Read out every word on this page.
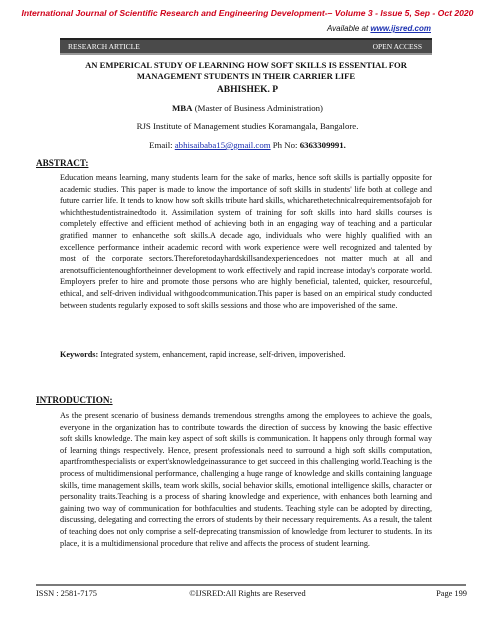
International Journal of Scientific Research and Engineering Development-– Volume 3 - Issue 5, Sep - Oct 2020
Available at www.ijsred.com
RESEARCH ARTICLE	OPEN ACCESS
AN EMPERICAL STUDY OF LEARNING HOW SOFT SKILLS IS ESSENTIAL FOR MANAGEMENT STUDENTS IN THEIR CARRIER LIFE
ABHISHEK. P
MBA (Master of Business Administration)
RJS Institute of Management studies Koramangala, Bangalore.
Email: abhisaibaba15@gmail.com Ph No: 6363309991.
ABSTRACT:
Education means learning, many students learn for the sake of marks, hence soft skills is partially opposite for academic studies. This paper is made to know the importance of soft skills in students' life both at college and future carrier life. It tends to know how soft skills tribute hard skills, whicharethetechnicalrequirementsofajob for whichthestudentistrainedtodo it. Assimilation system of training for soft skills into hard skills courses is completely effective and efficient method of achieving both in an engaging way of teaching and a particular gratified manner to enhancethe soft skills.A decade ago, individuals who were highly qualified with an excellence performance intheir academic record with work experience were well recognized and talented by most of the corporate sectors.Thereforetodayhardskillsandexperiencedoes not matter much at all and arenotsufficientenoughfortheinner development to work effectively and rapid increase intoday's corporate world. Employers prefer to hire and promote those persons who are highly beneficial, talented, quicker, resourceful, ethical, and self-driven individual withgoodcommunication.This paper is based on an empirical study conducted between students regularly exposed to soft skills sessions and those who are impoverished of the same.
Keywords: Integrated system, enhancement, rapid increase, self-driven, impoverished.
INTRODUCTION:
As the present scenario of business demands tremendous strengths among the employees to achieve the goals, everyone in the organization has to contribute towards the direction of success by knowing the basic effective soft skills knowledge. The main key aspect of soft skills is communication. It happens only through formal way of learning things respectively. Hence, present professionals need to surround a high soft skills computation, apartfromthespecialists or expert'sknowledgeinassurance to get succeed in this challenging world.Teaching is the process of multidimensional performance, challenging a huge range of knowledge and skills containing language skills, time management skills, team work skills, social behavior skills, emotional intelligence skills, character or personality traits.Teaching is a process of sharing knowledge and experience, with enhances both learning and gaining two way of communication for bothfaculties and students. Teaching style can be adopted by directing, discussing, delegating and correcting the errors of students by their necessary requirements. As a result, the talent of teaching does not only comprise a self-deprecating transmission of knowledge from lecturer to students. In its place, it is a multidimensional procedure that relive and affects the process of student learning.
ISSN : 2581-7175	©IJSRED:All Rights are Reserved	Page 199
